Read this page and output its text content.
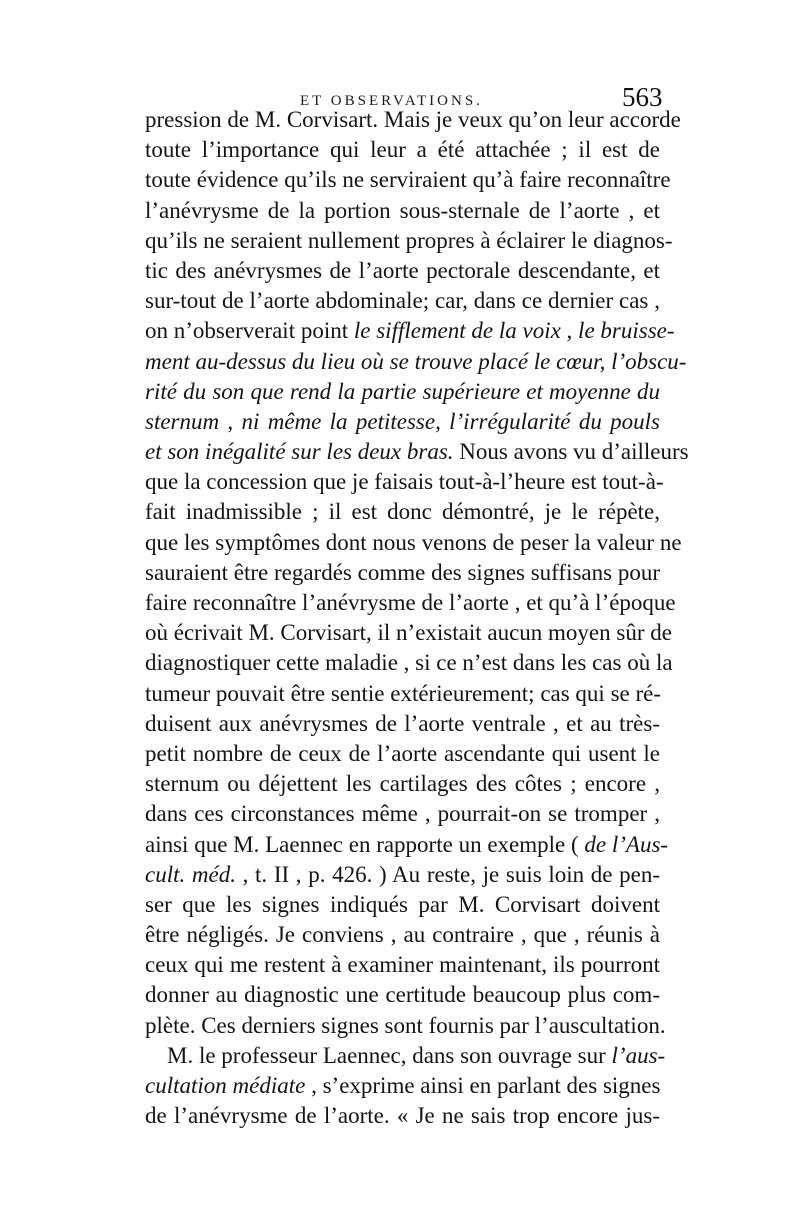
ET OBSERVATIONS.	563
pression de M. Corvisart. Mais je veux qu’on leur accorde
toute l’importance qui leur a été attachée ; il est de
toute évidence qu’ils ne serviraient qu’à faire reconnaître
l’anévrysme de la portion sous-sternale de l’aorte , et
qu’ils ne seraient nullement propres à éclairer le diagnos-
tic des anévrysmes de l’aorte pectorale descendante, et
sur-tout de l’aorte abdominale; car, dans ce dernier cas ,
on n’observerait point le sifflement de la voix , le bruisse-
ment au-dessus du lieu où se trouve placé le cœur, l’obscu-
rité du son que rend la partie supérieure et moyenne du
sternum , ni même la petitesse, l’irrégularité du pouls
et son inégalité sur les deux bras. Nous avons vu d’ailleurs
que la concession que je faisais tout-à-l’heure est tout-à-
fait inadmissible ; il est donc démontré, je le répète,
que les symptômes dont nous venons de peser la valeur ne
sauraient être regardés comme des signes suffisans pour
faire reconnaître l’anévrysme de l’aorte , et qu’à l’époque
où écrivait M. Corvisart, il n’existait aucun moyen sûr de
diagnostiquer cette maladie , si ce n’est dans les cas où la
tumeur pouvait être sentie extérieurement; cas qui se ré-
duisent aux anévrysmes de l’aorte ventrale , et au très-
petit nombre de ceux de l’aorte ascendante qui usent le
sternum ou déjettent les cartilages des côtes ; encore ,
dans ces circonstances même , pourrait-on se tromper ,
ainsi que M. Laennec en rapporte un exemple ( de l’Aus-
cult. méd. , t. II , p. 426. ) Au reste, je suis loin de pen-
ser que les signes indiqués par M. Corvisart doivent
être négligés. Je conviens , au contraire , que , réunis à
ceux qui me restent à examiner maintenant, ils pourront
donner au diagnostic une certitude beaucoup plus com-
plète. Ces derniers signes sont fournis par l’auscultation.
M. le professeur Laennec, dans son ouvrage sur l’aus-
cultation médiate , s’exprime ainsi en parlant des signes
de l’anévrysme de l’aorte. « Je ne sais trop encore jus-
